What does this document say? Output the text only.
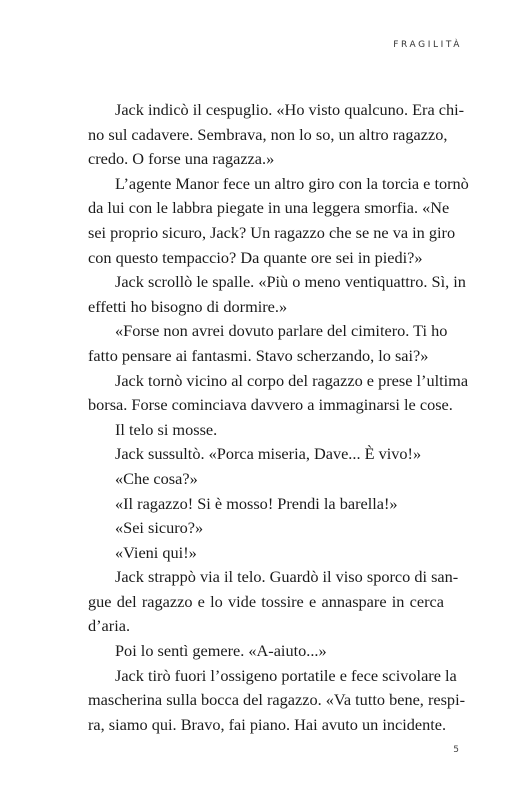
FRAGILITÀ
Jack indicò il cespuglio. «Ho visto qualcuno. Era chi-
no sul cadavere. Sembrava, non lo so, un altro ragazzo,
credo. O forse una ragazza.»
L’agente Manor fece un altro giro con la torcia e tornò
da lui con le labbra piegate in una leggera smorfia. «Ne
sei proprio sicuro, Jack? Un ragazzo che se ne va in giro
con questo tempaccio? Da quante ore sei in piedi?»
Jack scrollò le spalle. «Più o meno ventiquattro. Sì, in
effetti ho bisogno di dormire.»
«Forse non avrei dovuto parlare del cimitero. Ti ho
fatto pensare ai fantasmi. Stavo scherzando, lo sai?»
Jack tornò vicino al corpo del ragazzo e prese l’ultima
borsa. Forse cominciava davvero a immaginarsi le cose.
Il telo si mosse.
Jack sussultò. «Porca miseria, Dave... È vivo!»
«Che cosa?»
«Il ragazzo! Si è mosso! Prendi la barella!»
«Sei sicuro?»
«Vieni qui!»
Jack strappò via il telo. Guardò il viso sporco di san-
gue del ragazzo e lo vide tossire e annaspare in cerca
d’aria.
Poi lo sentì gemere. «A-aiuto...»
Jack tirò fuori l’ossigeno portatile e fece scivolare la
mascherina sulla bocca del ragazzo. «Va tutto bene, respi-
ra, siamo qui. Bravo, fai piano. Hai avuto un incidente.
5
